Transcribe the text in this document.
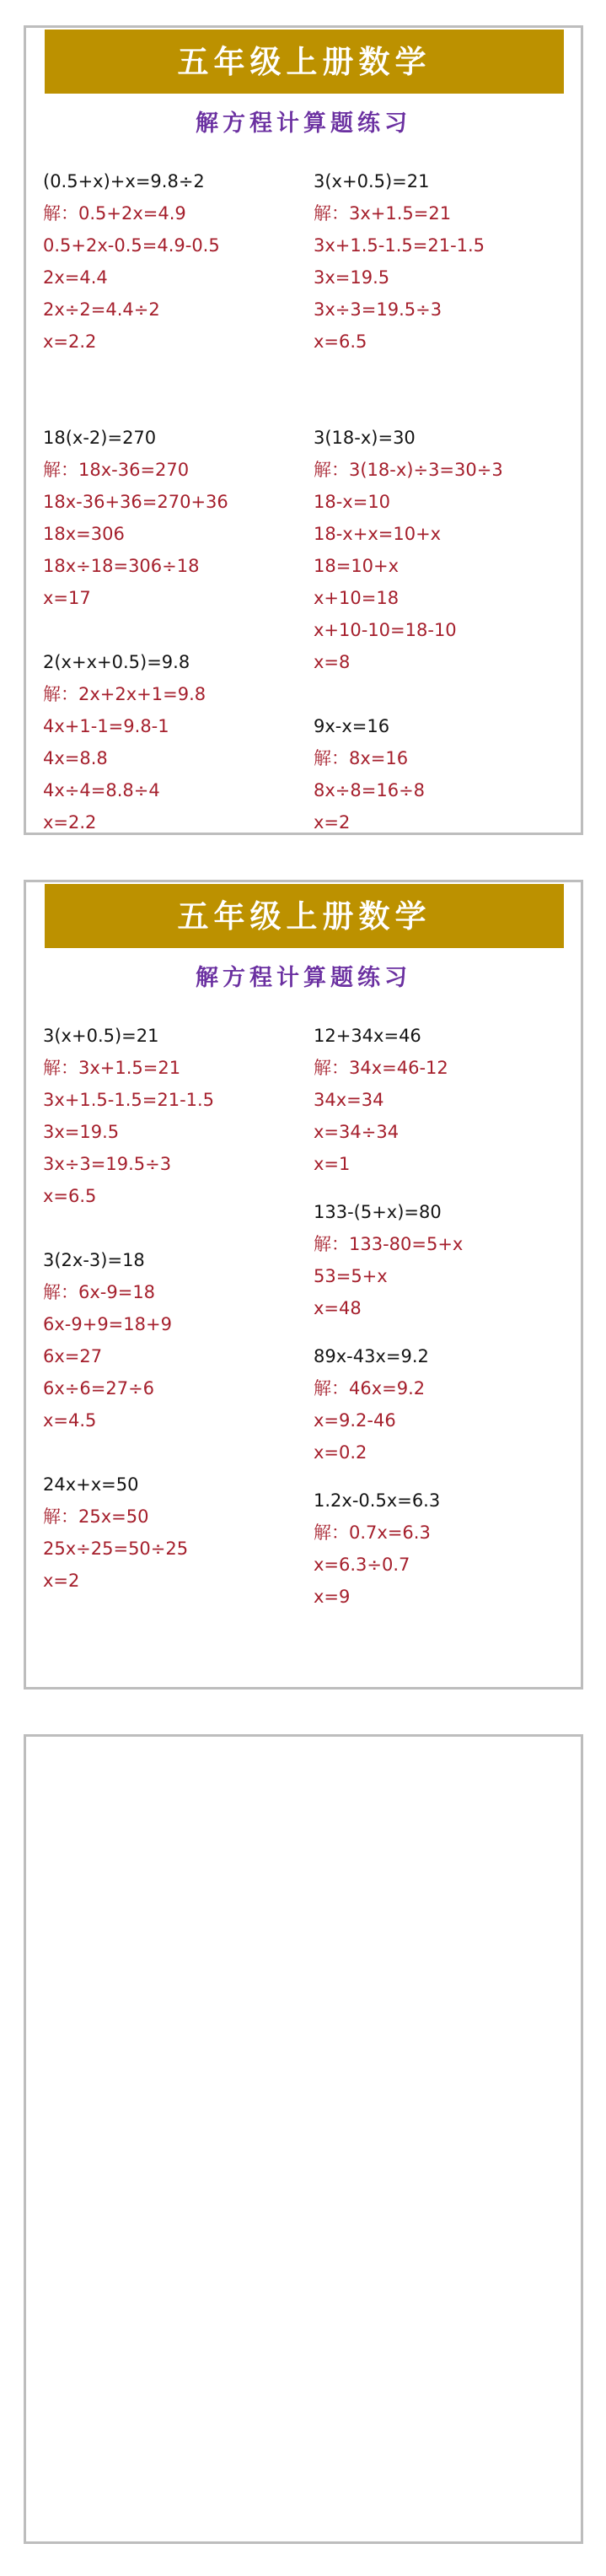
五年级上册数学
解方程计算题练习
(0.5+x)+x=9.8÷2
解：0.5+2x=4.9
0.5+2x-0.5=4.9-0.5
2x=4.4
2x÷2=4.4÷2
x=2.2
18(x-2)=270
解：18x-36=270
18x-36+36=270+36
18x=306
18x÷18=306÷18
x=17
2(x+x+0.5)=9.8
解：2x+2x+1=9.8
4x+1-1=9.8-1
4x=8.8
4x÷4=8.8÷4
x=2.2
3(x+0.5)=21
解：3x+1.5=21
3x+1.5-1.5=21-1.5
3x=19.5
3x÷3=19.5÷3
x=6.5
3(18-x)=30
解：3(18-x)÷3=30÷3
18-x=10
18-x+x=10+x
18=10+x
x+10=18
x+10-10=18-10
x=8
9x-x=16
解：8x=16
8x÷8=16÷8
x=2
五年级上册数学
解方程计算题练习
3(x+0.5)=21
解：3x+1.5=21
3x+1.5-1.5=21-1.5
3x=19.5
3x÷3=19.5÷3
x=6.5
3(2x-3)=18
解：6x-9=18
6x-9+9=18+9
6x=27
6x÷6=27÷6
x=4.5
24x+x=50
解：25x=50
25x÷25=50÷25
x=2
12+34x=46
解：34x=46-12
34x=34
x=34÷34
x=1
133-(5+x)=80
解：133-80=5+x
53=5+x
x=48
89x-43x=9.2
解：46x=9.2
x=9.2-46
x=0.2
1.2x-0.5x=6.3
解：0.7x=6.3
x=6.3÷0.7
x=9
